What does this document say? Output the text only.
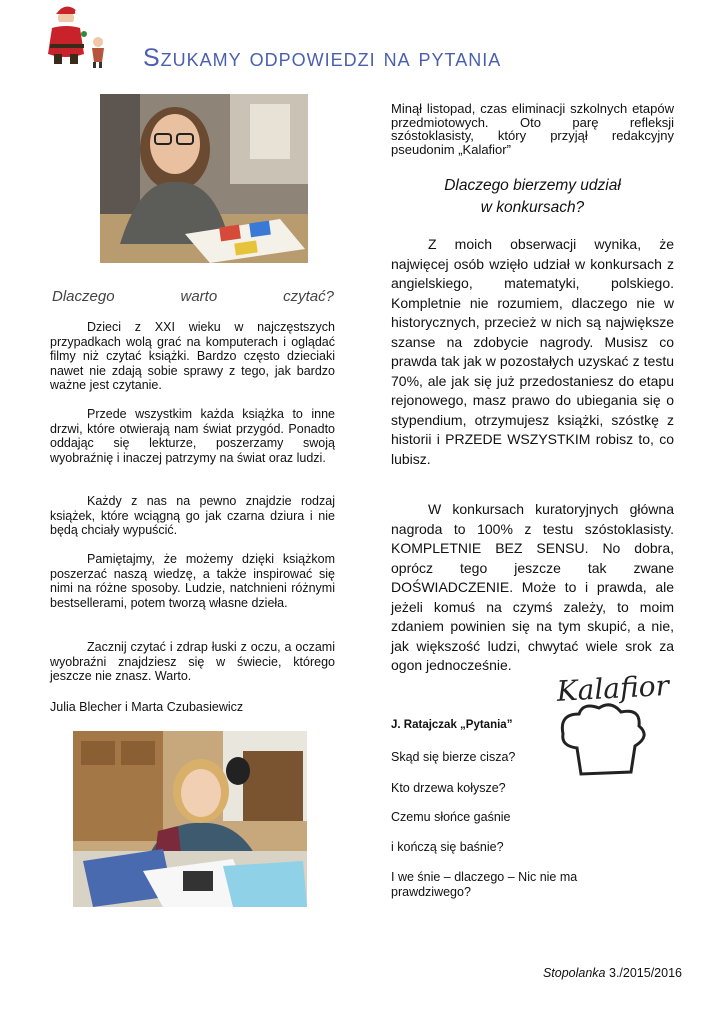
Szukamy odpowiedzi na pytania
Dlaczego	warto	czytać?

Dzieci z XXI wieku w najczęstszych przypadkach wolą grać na komputerach i oglądać filmy niż czytać książki. Bardzo często dzieciaki nawet nie zdają sobie sprawy z tego, jak bardzo ważne jest czytanie.

Przede wszystkim każda książka to inne drzwi, które otwierają nam świat przygód. Ponadto oddając się lekturze, poszerzamy swoją wyobraźnię i inaczej patrzymy na świat oraz ludzi.

Każdy z nas na pewno znajdzie rodzaj książek, które wciągną go jak czarna dziura i nie będą chciały wypuścić.

Pamiętajmy, że możemy dzięki książkom poszerzać naszą wiedzę, a także inspirować się nimi na różne sposoby. Ludzie, natchnieni różnymi bestsellerami, potem tworzą własne dzieła.

Zacznij czytać i zdrap łuski z oczu, a oczami wyobraźni znajdziesz się w świecie, którego jeszcze nie znasz. Warto.

Julia Blecher i Marta Czubasiewicz
Minął listopad, czas eliminacji szkolnych etapów przedmiotowych. Oto parę refleksji szóstoklasisty, który przyjął redakcyjny pseudonim „Kalafior”
Dlaczego bierzemy udział
w konkursach?

Z moich obserwacji wynika, że najwięcej osób wzięło udział w konkursach z angielskiego, matematyki, polskiego. Kompletnie nie rozumiem, dlaczego nie w historycznych, przecież w nich są największe szanse na zdobycie nagrody. Musisz co prawda tak jak w pozostałych uzyskać z testu 70%, ale jak się już przedostaniesz do etapu rejonowego, masz prawo do ubiegania się o stypendium, otrzymujesz książki, szóstkę z historii i PRZEDE WSZYSTKIM robisz to, co lubisz.

W konkursach kuratoryjnych główna nagroda to 100% z testu szóstoklasisty. KOMPLETNIE BEZ SENSU. No dobra, oprócz tego jeszcze tak zwane DOŚWIADCZENIE. Może to i prawda, ale jeżeli komuś na czymś zależy, to moim zdaniem powinien się na tym skupić, a nie, jak większość ludzi, chwytać wiele srok za ogon jednocześnie.

Kalafior
J. Ratajczak „Pytania”
Skąd się bierze cisza?
Kto drzewa kołysze?
Czemu słońce gaśnie
i kończą się baśnie?
I we śnie – dlaczego – Nic nie ma prawdziwego?
Stopolanka 3./2015/2016
